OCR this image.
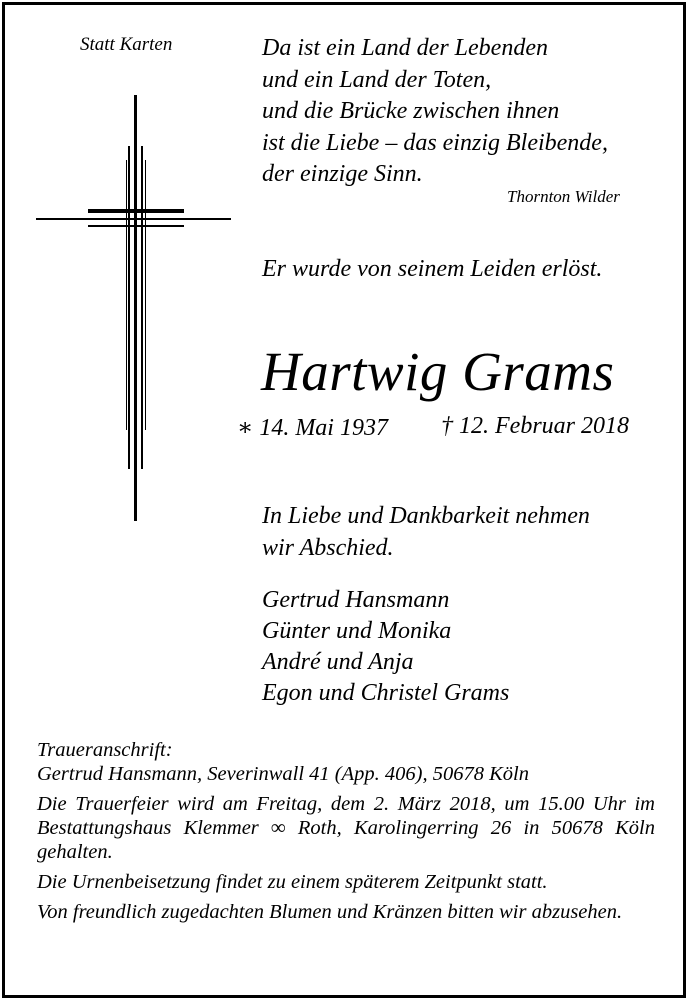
Statt Karten	Da ist ein Land der Lebenden
und ein Land der Toten,
und die Brücke zwischen ihnen
ist die Liebe – das einzig Bleibende,
der einzige Sinn.
Thornton Wilder
Er wurde von seinem Leiden erlöst.
Hartwig Grams
∗ 14. Mai 1937 † 12. Februar 2018
In Liebe und Dankbarkeit nehmen
wir Abschied.
Gertrud Hansmann
Günter und Monika
André und Anja
Egon und Christel Grams

Traueranschrift:
Gertrud Hansmann, Severinwall 41 (App. 406), 50678 Köln

Die Trauerfeier wird am Freitag, dem 2. März 2018, um 15.00 Uhr im Bestattungshaus Klemmer ∞ Roth, Karolingerring 26 in 50678 Köln gehalten.

Die Urnenbeisetzung findet zu einem späterem Zeitpunkt statt.

Von freundlich zugedachten Blumen und Kränzen bitten wir abzusehen.
